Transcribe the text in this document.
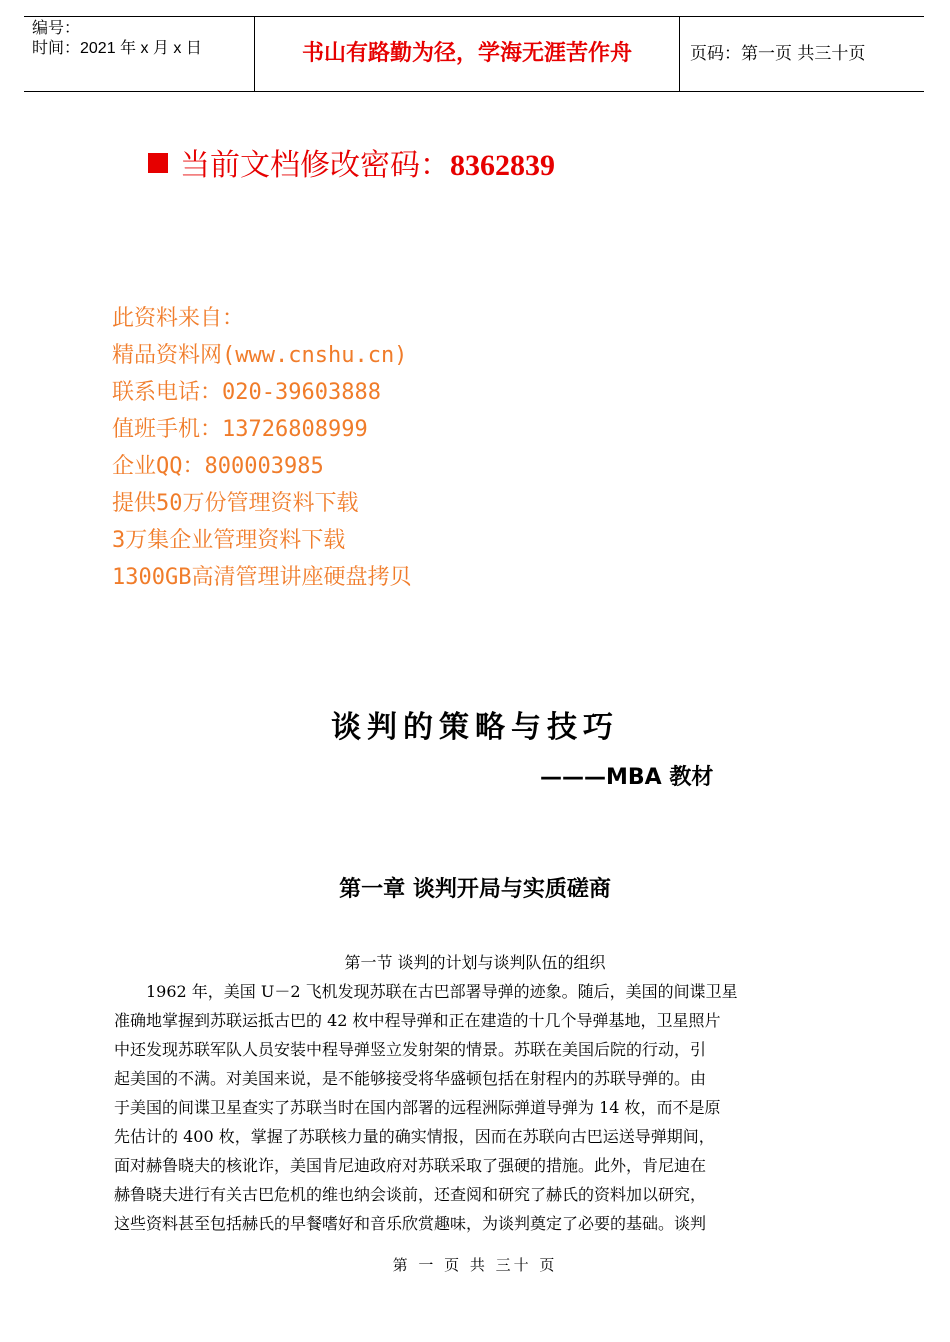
编号：
时间：2021 年 x 月 x 日	书山有路勤为径，学海无涯苦作舟	页码：第一页 共三十页
当前文档修改密码：8362839
此资料来自：
精品资料网(www.cnshu.cn)
联系电话：020-39603888
值班手机：13726808999
企业QQ：800003985
提供50万份管理资料下载
3万集企业管理资料下载
1300GB高清管理讲座硬盘拷贝
谈判的策略与技巧
———MBA 教材
第一章 谈判开局与实质磋商
第一节 谈判的计划与谈判队伍的组织
　　1962 年，美国 U－2 飞机发现苏联在古巴部署导弹的迹象。随后，美国的间谍卫星
准确地掌握到苏联运抵古巴的 42 枚中程导弹和正在建造的十几个导弹基地，卫星照片
中还发现苏联军队人员安装中程导弹竖立发射架的情景。苏联在美国后院的行动，引
起美国的不满。对美国来说，是不能够接受将华盛顿包括在射程内的苏联导弹的。由
于美国的间谍卫星查实了苏联当时在国内部署的远程洲际弹道导弹为 14 枚，而不是原
先估计的 400 枚，掌握了苏联核力量的确实情报，因而在苏联向古巴运送导弹期间，
面对赫鲁晓夫的核讹诈，美国肯尼迪政府对苏联采取了强硬的措施。此外，肯尼迪在
赫鲁晓夫进行有关古巴危机的维也纳会谈前，还查阅和研究了赫氏的资料加以研究，
这些资料甚至包括赫氏的早餐嗜好和音乐欣赏趣味，为谈判奠定了必要的基础。谈判
第 一 页 共 三十 页
